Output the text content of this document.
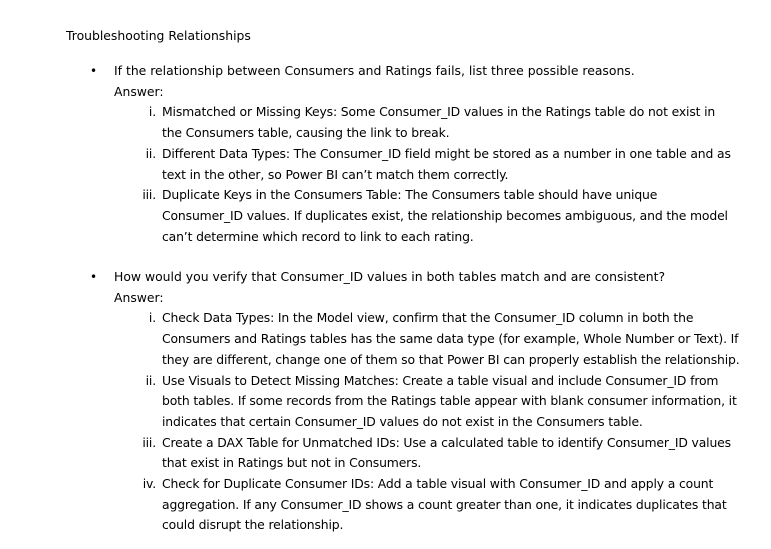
Troubleshooting Relationships
• If the relationship between Consumers and Ratings fails, list three possible reasons.
Answer:
i. Mismatched or Missing Keys: Some Consumer_ID values in the Ratings table do not exist in the Consumers table, causing the link to break.
ii. Different Data Types: The Consumer_ID field might be stored as a number in one table and as text in the other, so Power BI can’t match them correctly.
iii. Duplicate Keys in the Consumers Table: The Consumers table should have unique Consumer_ID values. If duplicates exist, the relationship becomes ambiguous, and the model can’t determine which record to link to each rating.
• How would you verify that Consumer_ID values in both tables match and are consistent?
Answer:
i. Check Data Types: In the Model view, confirm that the Consumer_ID column in both the Consumers and Ratings tables has the same data type (for example, Whole Number or Text). If they are different, change one of them so that Power BI can properly establish the relationship.
ii. Use Visuals to Detect Missing Matches: Create a table visual and include Consumer_ID from both tables. If some records from the Ratings table appear with blank consumer information, it indicates that certain Consumer_ID values do not exist in the Consumers table.
iii. Create a DAX Table for Unmatched IDs: Use a calculated table to identify Consumer_ID values that exist in Ratings but not in Consumers.
iv. Check for Duplicate Consumer IDs: Add a table visual with Consumer_ID and apply a count aggregation. If any Consumer_ID shows a count greater than one, it indicates duplicates that could disrupt the relationship.
